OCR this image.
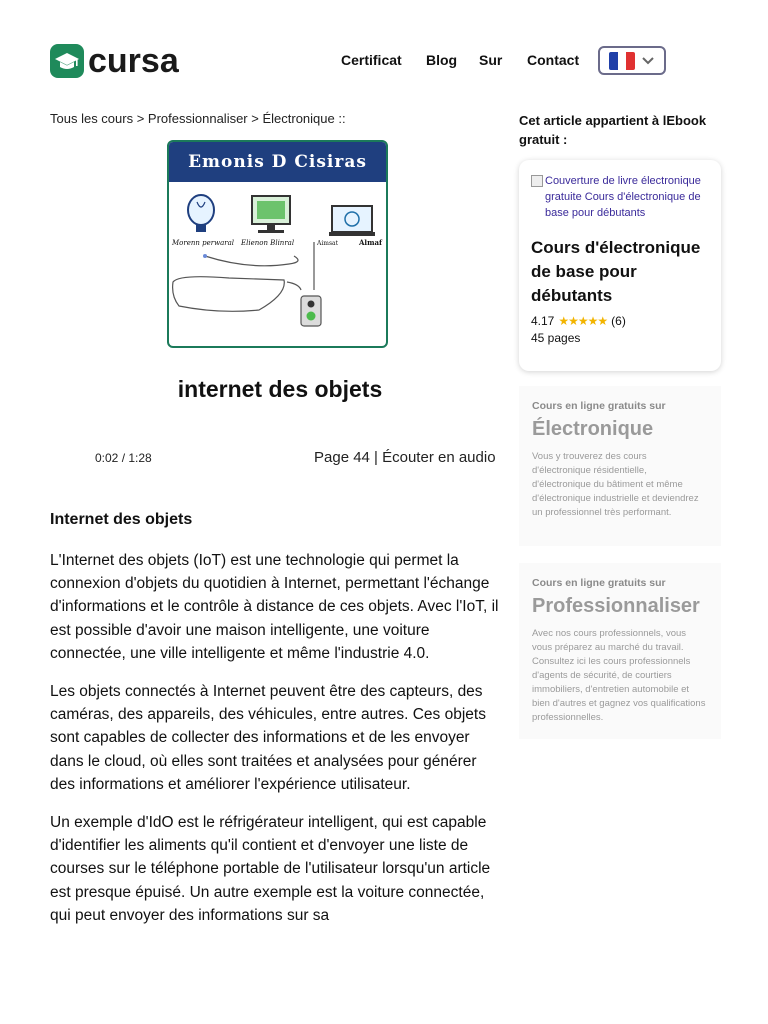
cursa	Certificat Blog Sur Contact
Tous les cours > Professionnaliser > Électronique ::
Emonis D Cisiras
Morenn perwaral Elienon Blinral	Aimsat	Almaf
internet des objets
0:02 / 1:28	Page 44 | Écouter en audio
Internet des objets

L'Internet des objets (IoT) est une technologie qui permet la connexion d'objets du quotidien à Internet, permettant l'échange d'informations et le contrôle à distance de ces objets. Avec l'IoT, il est possible d'avoir une maison intelligente, une voiture connectée, une ville intelligente et même l'industrie 4.0.

Les objets connectés à Internet peuvent être des capteurs, des caméras, des appareils, des véhicules, entre autres. Ces objets sont capables de collecter des informations et de les envoyer dans le cloud, où elles sont traitées et analysées pour générer des informations et améliorer l'expérience utilisateur.

Un exemple d'IdO est le réfrigérateur intelligent, qui est capable d'identifier les aliments qu'il contient et d'envoyer une liste de courses sur le téléphone portable de l'utilisateur lorsqu'un article est presque épuisé. Un autre exemple est la voiture connectée, qui peut envoyer des informations sur sa

Cet article appartient à lEbook gratuit :
Couverture de livre électronique gratuite Cours d'électronique de base pour débutants
Cours d'électronique de base pour débutants
4.17 ★★★★★ (6)
45 pages
Cours en ligne gratuits sur
Électronique
Vous y trouverez des cours d'électronique résidentielle, d'électronique du bâtiment et même d'électronique industrielle et deviendrez un professionnel très performant.
Cours en ligne gratuits sur
Professionnaliser
Avec nos cours professionnels, vous vous préparez au marché du travail. Consultez ici les cours professionnels d'agents de sécurité, de courtiers immobiliers, d'entretien automobile et bien d'autres et gagnez vos qualifications professionnelles.
